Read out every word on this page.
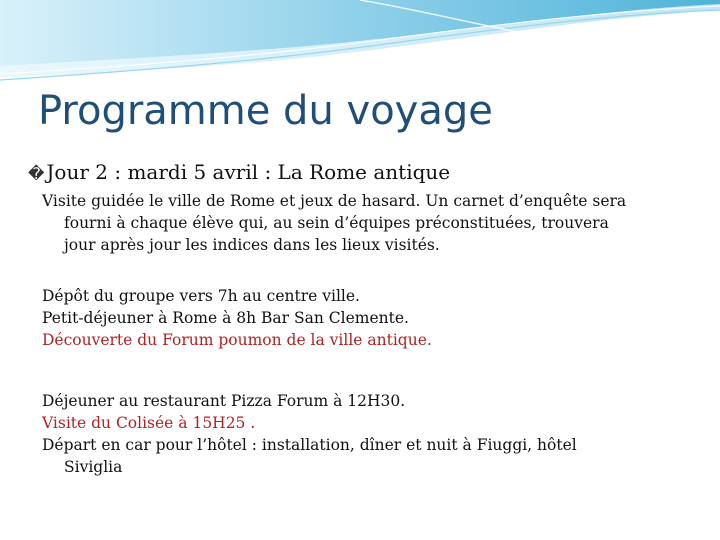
Programme du voyage
� Jour 2 : mardi 5 avril : La Rome antique
Visite guidée le ville de Rome et jeux de hasard. Un carnet d’enquête sera
fourni à chaque élève qui, au sein d’équipes préconstituées, trouvera
jour après jour les indices dans les lieux visités.
Dépôt du groupe vers 7h au centre ville.
Petit-déjeuner à Rome à 8h Bar San Clemente.
Découverte du Forum poumon de la ville antique.
Déjeuner au restaurant Pizza Forum à 12H30.
Visite du Colisée à 15H25 .
Départ en car pour l’hôtel : installation, dîner et nuit à Fiuggi, hôtel
Siviglia
